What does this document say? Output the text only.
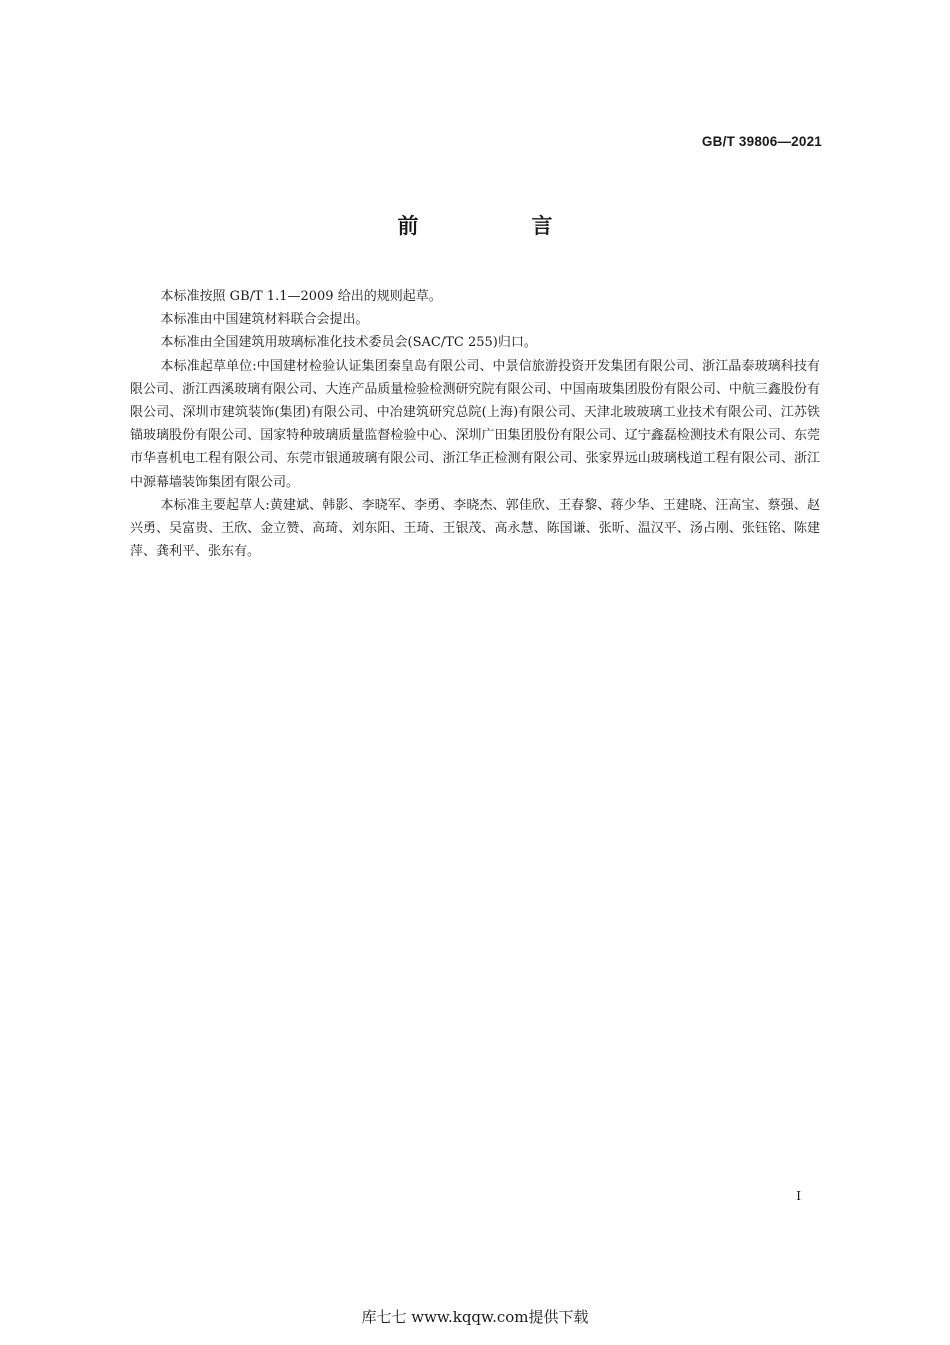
GB/T 39806—2021
前　言

本标准按照 GB/T 1.1—2009 给出的规则起草。

本标准由中国建筑材料联合会提出。

本标准由全国建筑用玻璃标准化技术委员会(SAC/TC 255)归口。

本标准起草单位:中国建材检验认证集团秦皇岛有限公司、中景信旅游投资开发集团有限公司、浙江晶泰玻璃科技有限公司、浙江西溪玻璃有限公司、大连产品质量检验检测研究院有限公司、中国南玻集团股份有限公司、中航三鑫股份有限公司、深圳市建筑装饰(集团)有限公司、中冶建筑研究总院(上海)有限公司、天津北玻玻璃工业技术有限公司、江苏铁锚玻璃股份有限公司、国家特种玻璃质量监督检验中心、深圳广田集团股份有限公司、辽宁鑫磊检测技术有限公司、东莞市华喜机电工程有限公司、东莞市银通玻璃有限公司、浙江华正检测有限公司、张家界远山玻璃栈道工程有限公司、浙江中源幕墙装饰集团有限公司。

本标准主要起草人:黄建斌、韩影、李晓军、李勇、李晓杰、郭佳欣、王春黎、蒋少华、王建晓、汪高宝、蔡强、赵兴勇、吴富贵、王欣、金立赞、高琦、刘东阳、王琦、王银茂、高永慧、陈国谦、张昕、温汉平、汤占刚、张钰铭、陈建萍、龚利平、张东有。

I
库七七 www.kqqw.com提供下载
